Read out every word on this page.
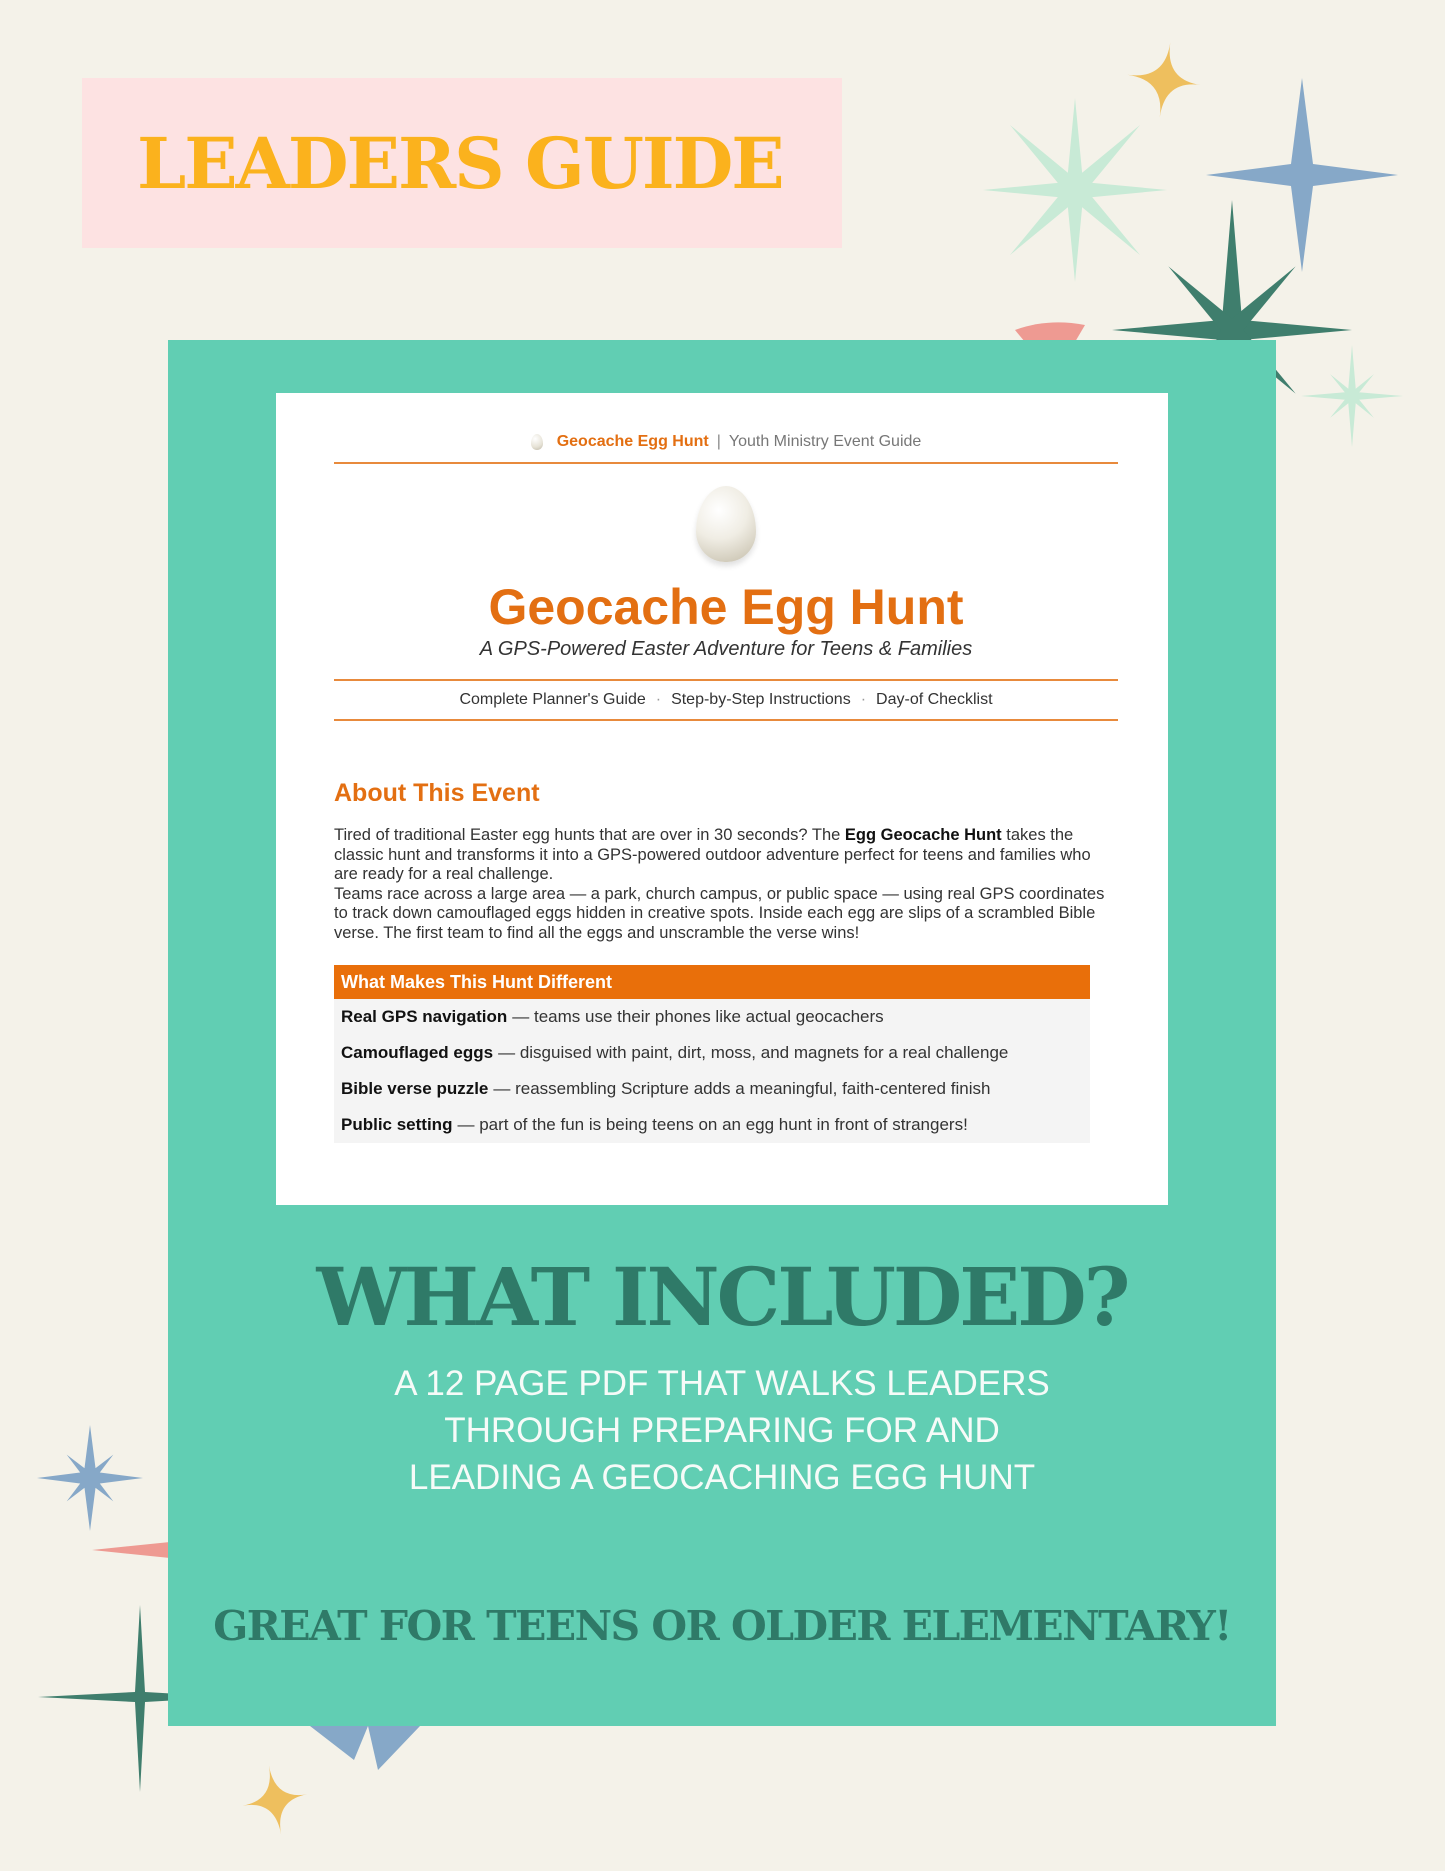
LEADERS GUIDE
Geocache Egg Hunt | Youth Ministry Event Guide
Geocache Egg Hunt
A GPS-Powered Easter Adventure for Teens & Families
Complete Planner's Guide · Step-by-Step Instructions · Day-of Checklist
About This Event

Tired of traditional Easter egg hunts that are over in 30 seconds? The Egg Geocache Hunt takes the classic hunt and transforms it into a GPS-powered outdoor adventure perfect for teens and families who are ready for a real challenge.

Teams race across a large area — a park, church campus, or public space — using real GPS coordinates to track down camouflaged eggs hidden in creative spots. Inside each egg are slips of a scrambled Bible verse. The first team to find all the eggs and unscramble the verse wins!

What Makes This Hunt Different
Real GPS navigation — teams use their phones like actual geocachers
Camouflaged eggs — disguised with paint, dirt, moss, and magnets for a real challenge
Bible verse puzzle — reassembling Scripture adds a meaningful, faith-centered finish
Public setting — part of the fun is being teens on an egg hunt in front of strangers!
WHAT INCLUDED?
A 12 PAGE PDF THAT WALKS LEADERS
THROUGH PREPARING FOR AND
LEADING A GEOCACHING EGG HUNT
GREAT FOR TEENS OR OLDER ELEMENTARY!
